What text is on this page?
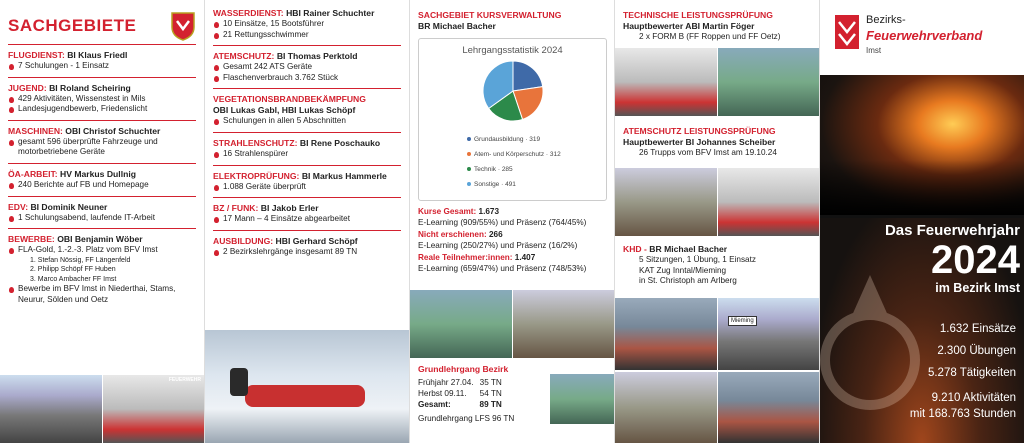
SACHGEBIETE
FLUGDIENST: BI Klaus Friedl
7 Schulungen - 1 Einsatz
JUGEND: BI Roland Scheiring
429 Aktivitäten, Wissenstest in Mils
Landesjugendbewerb, Friedenslicht
MASCHINEN: OBI Christof Schuchter
gesamt 596 überprüfte Fahrzeuge und motorbetriebene Geräte
ÖA-ARBEIT: HV Markus Dullnig
240 Berichte auf FB und Homepage
EDV: BI Dominik Neuner
1 Schulungsabend, laufende IT-Arbeit
BEWERBE: OBI Benjamin Wöber
FLA-Gold, 1.-2.-3. Platz vom BFV Imst
1. Stefan Nössig, FF Längenfeld
2. Philipp Schöpf FF Huben
3. Marco Ambacher FF Imst
Bewerbe im BFV Imst in Niederthai, Stams, Neurur, Sölden und Oetz
FEUERWEHR
WASSERDIENST: HBI Rainer Schuchter
10 Einsätze, 15 Bootsführer
21 Rettungsschwimmer
ATEMSCHUTZ: BI Thomas Perktold
Gesamt 242 ATS Geräte
Flaschenverbrauch 3.762 Stück
VEGETATIONSBRANDBEKÄMPFUNG
OBI Lukas Gabl, HBI Lukas Schöpf
Schulungen in allen 5 Abschnitten
STRAHLENSCHUTZ: BI Rene Poschauko
16 Strahlenspürer
ELEKTROPRÜFUNG: BI Markus Hammerle
1.088 Geräte überprüft
BZ / FUNK: BI Jakob Erler
17 Mann – 4 Einsätze abgearbeitet
AUSBILDUNG: HBI Gerhard Schöpf
2 Bezirkslehrgänge insgesamt 89 TN
SACHGEBIET KURSVERWALTUNG
BR Michael Bacher
Lehrgangsstatistik 2024
Grundausbildung · 319
Atem- und Körperschutz · 312
Technik · 285
Sonstige · 491
Kurse Gesamt: 1.673
E-Learning (909/55%) und Präsenz (764/45%)
Nicht erschienen: 266
E-Learning (250/27%) und Präsenz (16/2%)
Reale Teilnehmer:innen: 1.407
E-Learning (659/47%) und Präsenz (748/53%)
Grundlehrgang Bezirk
Frühjahr 27.04.	35 TN
Herbst 09.11.	54 TN
Gesamt:	89 TN
Grundlehrgang LFS 96 TN
TECHNISCHE LEISTUNGSPRÜFUNG
Hauptbewerter ABI Martin Föger
2 x FORM B (FF Roppen und FF Oetz)
ATEMSCHUTZ LEISTUNGSPRÜFUNG
Hauptbewerter BI Johannes Scheiber
26 Trupps vom BFV Imst am 19.10.24
KHD - BR Michael Bacher
5 Sitzungen, 1 Übung, 1 Einsatz
KAT Zug Inntal/Mieming
in St. Christoph am Arlberg
Mieming
Bezirks-
Feuerwehrverband
Imst
Das Feuerwehrjahr
2024
im Bezirk Imst
1.632 Einsätze
2.300 Übungen
5.278 Tätigkeiten
9.210 Aktivitäten
mit 168.763 Stunden
